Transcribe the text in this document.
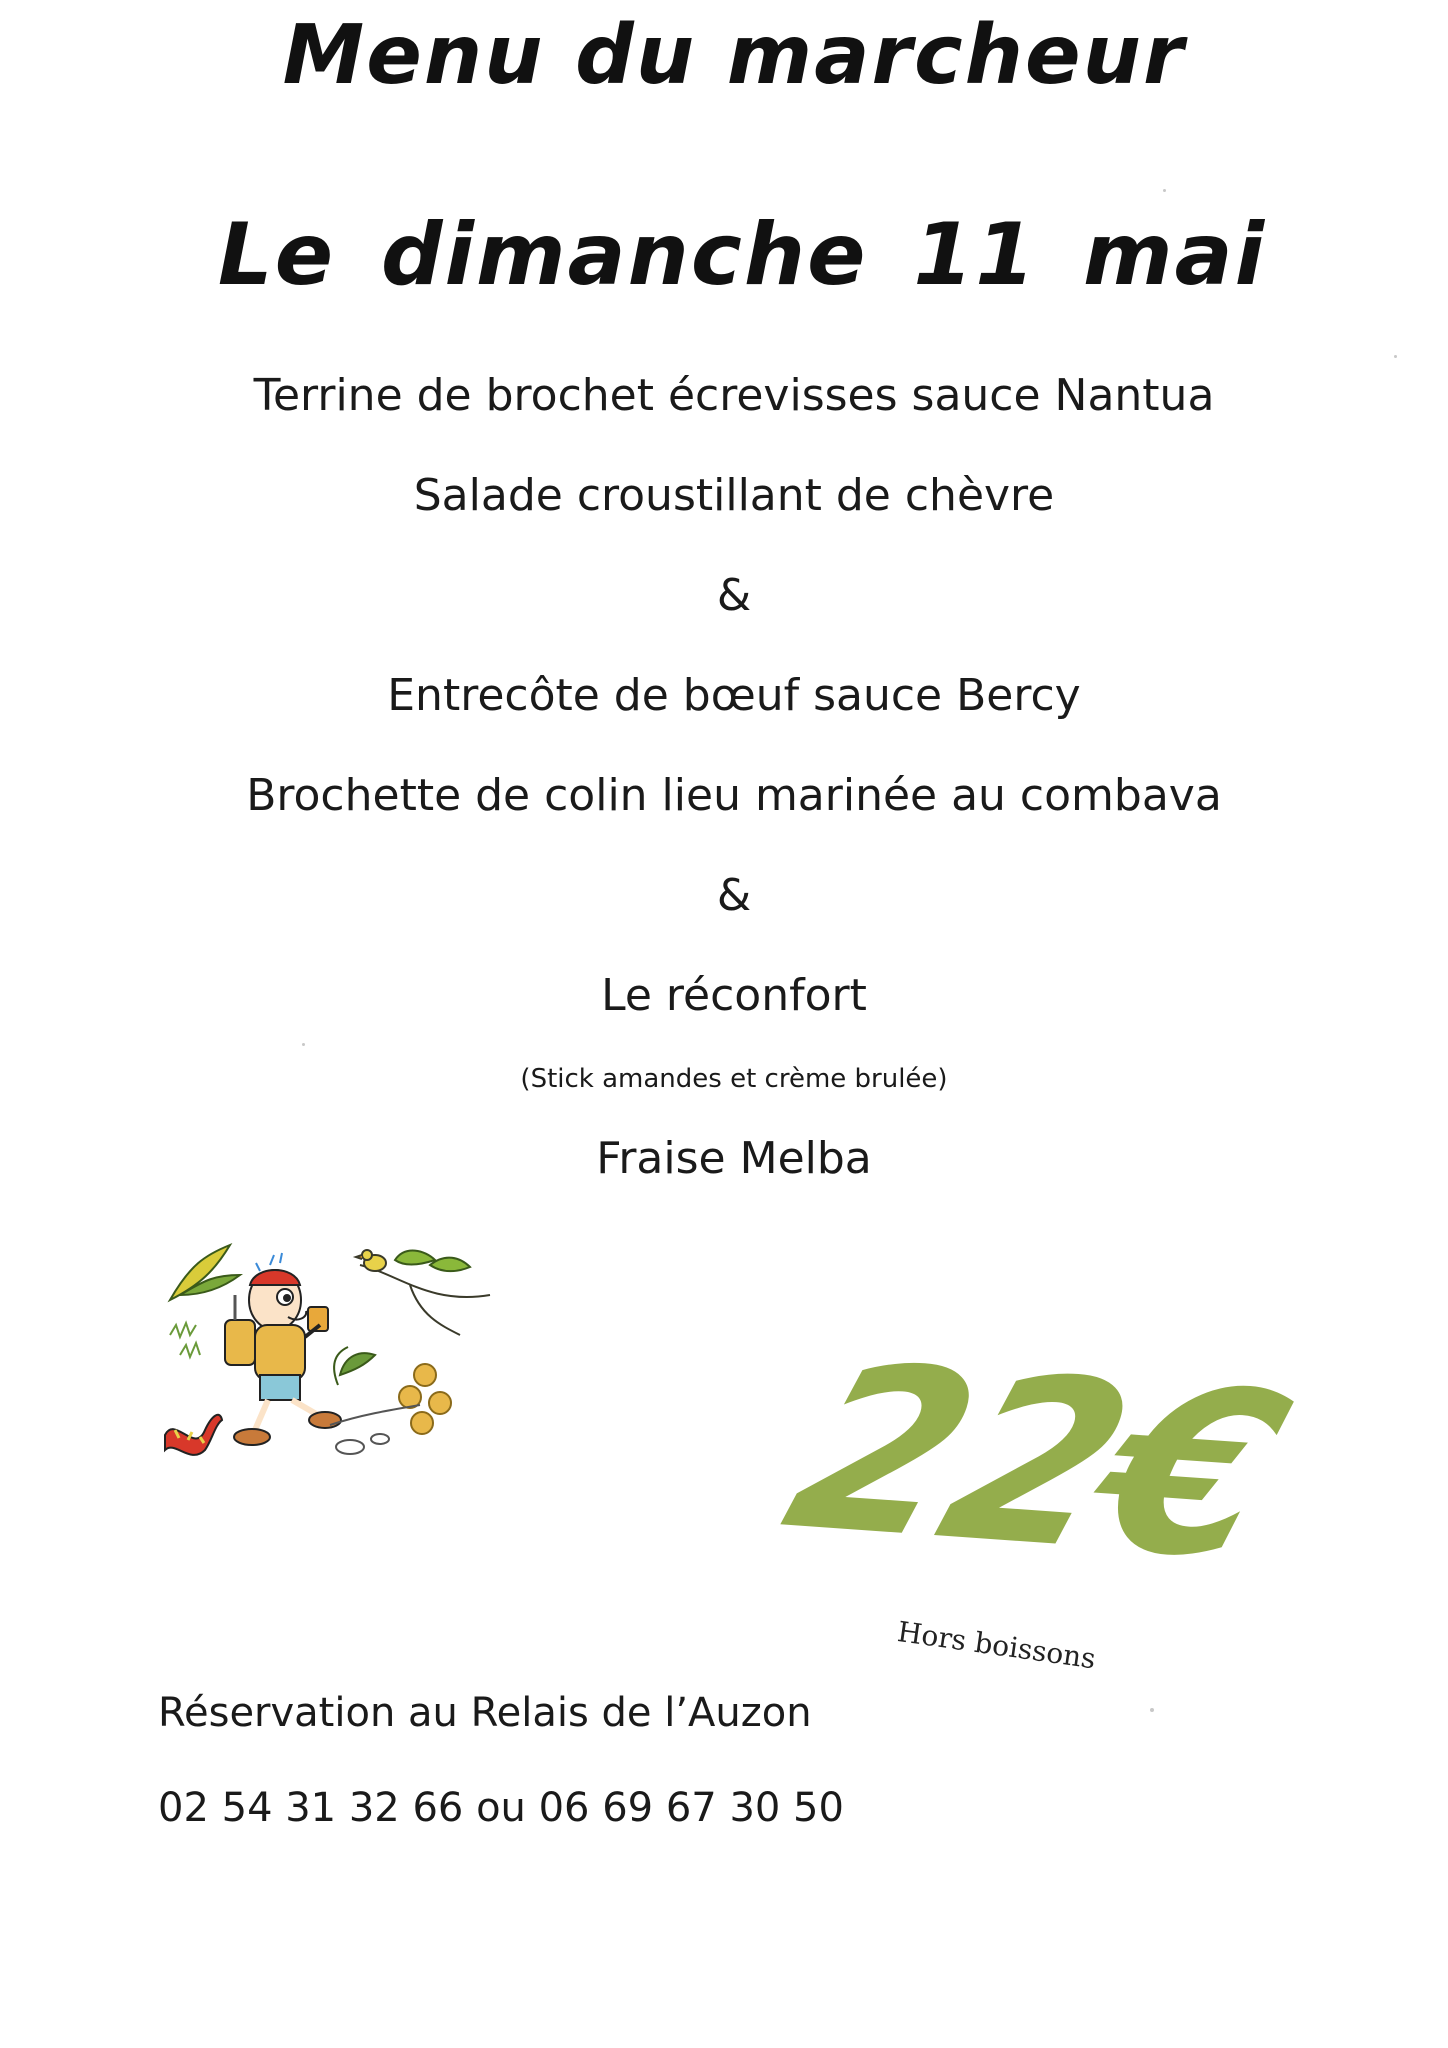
Menu du marcheur
Le dimanche 11 mai
Terrine de brochet écrevisses sauce Nantua
Salade croustillant de chèvre
&
Entrecôte de bœuf sauce Bercy
Brochette de colin lieu marinée au combava
&
Le réconfort
(Stick amandes et crème brulée)
Fraise Melba
22€
Hors boissons
Réservation au Relais de l’Auzon
02 54 31 32 66 ou 06 69 67 30 50
